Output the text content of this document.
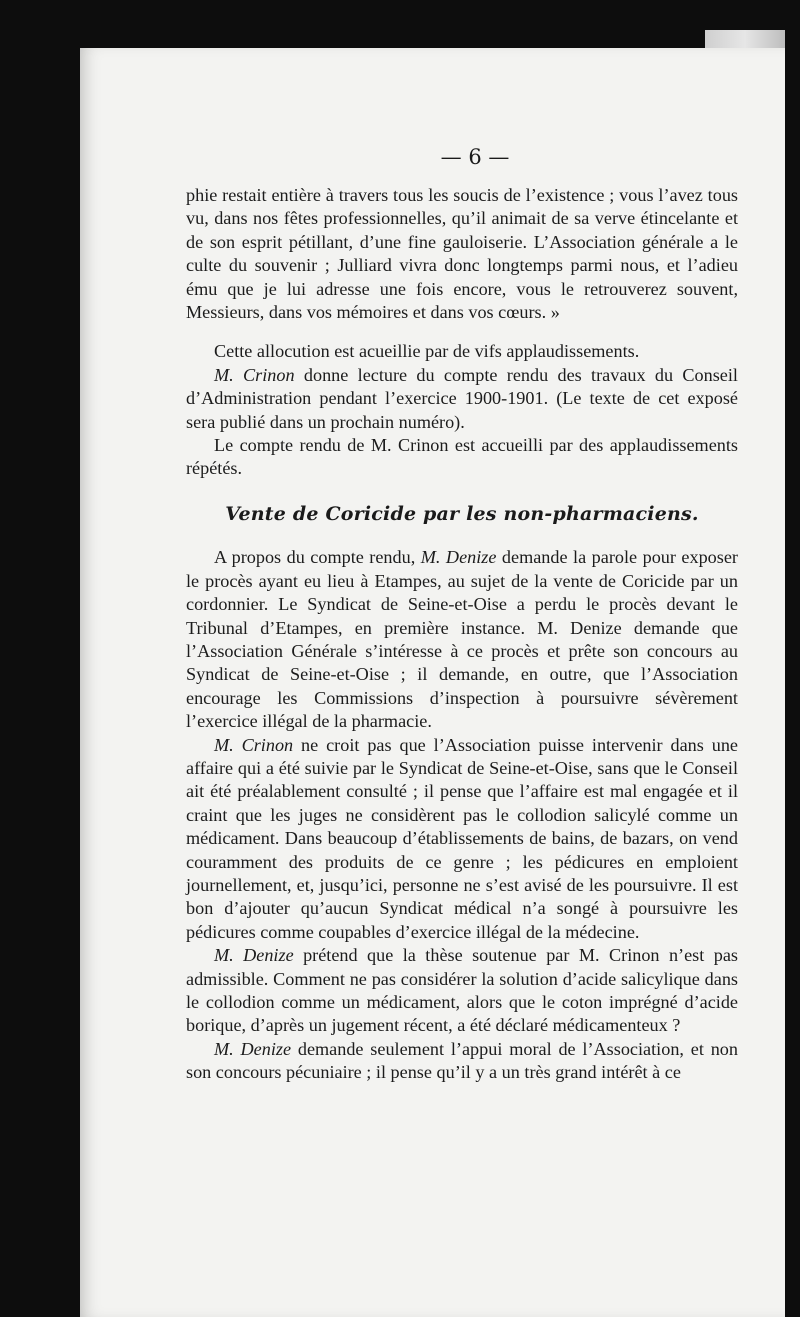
— 6 —

phie restait entière à travers tous les soucis de l’existence ; vous l’avez tous vu, dans nos fêtes professionnelles, qu’il animait de sa verve étincelante et de son esprit pétillant, d’une fine gauloiserie. L’Association générale a le culte du souvenir ; Julliard vivra donc longtemps parmi nous, et l’adieu ému que je lui adresse une fois encore, vous le retrouverez souvent, Messieurs, dans vos mémoires et dans vos cœurs. »

Cette allocution est acueillie par de vifs applaudissements.

M. Crinon donne lecture du compte rendu des travaux du Conseil d’Administration pendant l’exercice 1900-1901. (Le texte de cet exposé sera publié dans un prochain numéro).

Le compte rendu de M. Crinon est accueilli par des applaudissements répétés.

Vente de Coricide par les non-pharmaciens.

A propos du compte rendu, M. Denize demande la parole pour exposer le procès ayant eu lieu à Etampes, au sujet de la vente de Coricide par un cordonnier. Le Syndicat de Seine-et-Oise a perdu le procès devant le Tribunal d’Etampes, en première instance. M. Denize demande que l’Association Générale s’intéresse à ce procès et prête son concours au Syndicat de Seine-et-Oise ; il demande, en outre, que l’Association encourage les Commissions d’inspection à poursuivre sévèrement l’exercice illégal de la pharmacie.

M. Crinon ne croit pas que l’Association puisse intervenir dans une affaire qui a été suivie par le Syndicat de Seine-et-Oise, sans que le Conseil ait été préalablement consulté ; il pense que l’affaire est mal engagée et il craint que les juges ne considèrent pas le collodion salicylé comme un médicament. Dans beaucoup d’établissements de bains, de bazars, on vend couramment des produits de ce genre ; les pédicures en emploient journellement, et, jusqu’ici, personne ne s’est avisé de les poursuivre. Il est bon d’ajouter qu’aucun Syndicat médical n’a songé à poursuivre les pédicures comme coupables d’exercice illégal de la médecine.

M. Denize prétend que la thèse soutenue par M. Crinon n’est pas admissible. Comment ne pas considérer la solution d’acide salicylique dans le collodion comme un médicament, alors que le coton imprégné d’acide borique, d’après un jugement récent, a été déclaré médicamenteux ?

M. Denize demande seulement l’appui moral de l’Association, et non son concours pécuniaire ; il pense qu’il y a un très grand intérêt à ce
